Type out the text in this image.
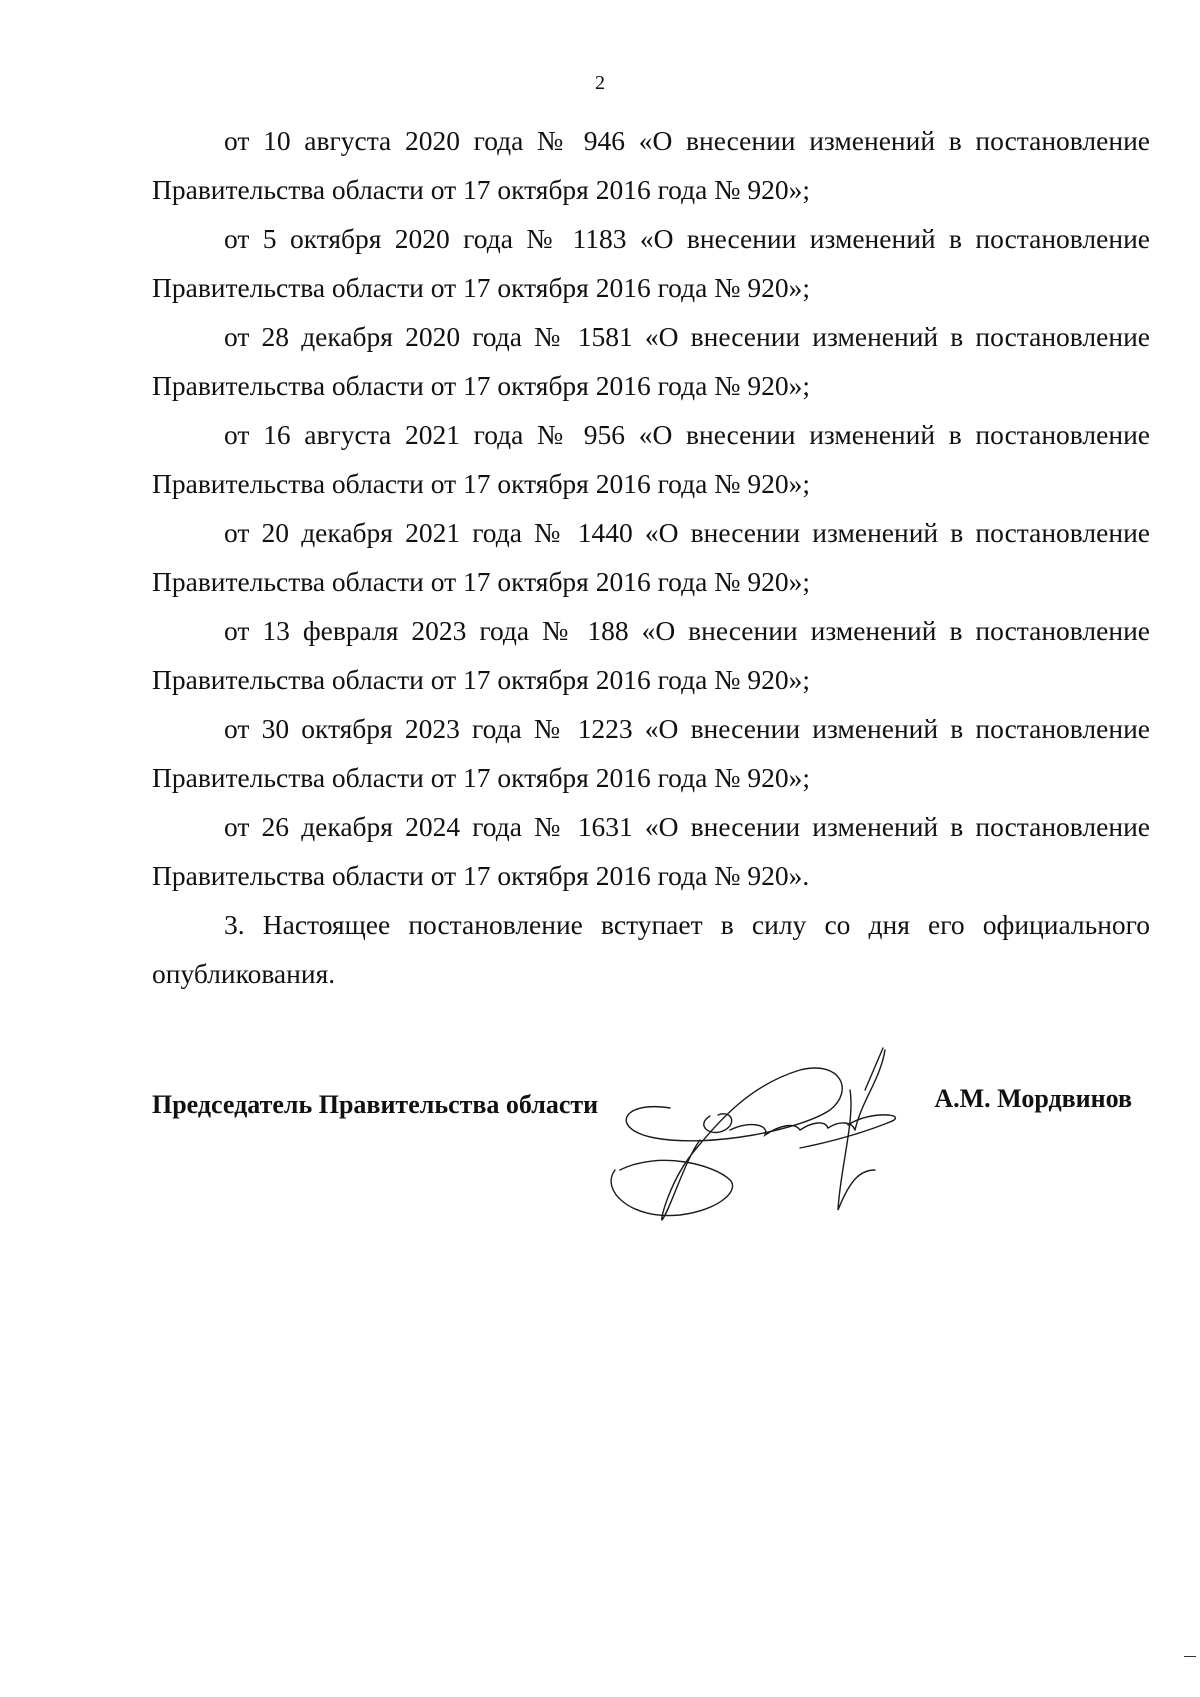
2

от 10 августа 2020 года № 946 «О внесении изменений в постановление Правительства области от 17 октября 2016 года № 920»;

от 5 октября 2020 года № 1183 «О внесении изменений в постановление Правительства области от 17 октября 2016 года № 920»;

от 28 декабря 2020 года № 1581 «О внесении изменений в постановление Правительства области от 17 октября 2016 года № 920»;

от 16 августа 2021 года № 956 «О внесении изменений в постановление Правительства области от 17 октября 2016 года № 920»;

от 20 декабря 2021 года № 1440 «О внесении изменений в постановление Правительства области от 17 октября 2016 года № 920»;

от 13 февраля 2023 года № 188 «О внесении изменений в постановление Правительства области от 17 октября 2016 года № 920»;

от 30 октября 2023 года № 1223 «О внесении изменений в постановление Правительства области от 17 октября 2016 года № 920»;

от 26 декабря 2024 года № 1631 «О внесении изменений в постановление Правительства области от 17 октября 2016 года № 920».

3. Настоящее постановление вступает в силу со дня его официального опубликования.

Председатель Правительства области	А.М. Мордвинов
